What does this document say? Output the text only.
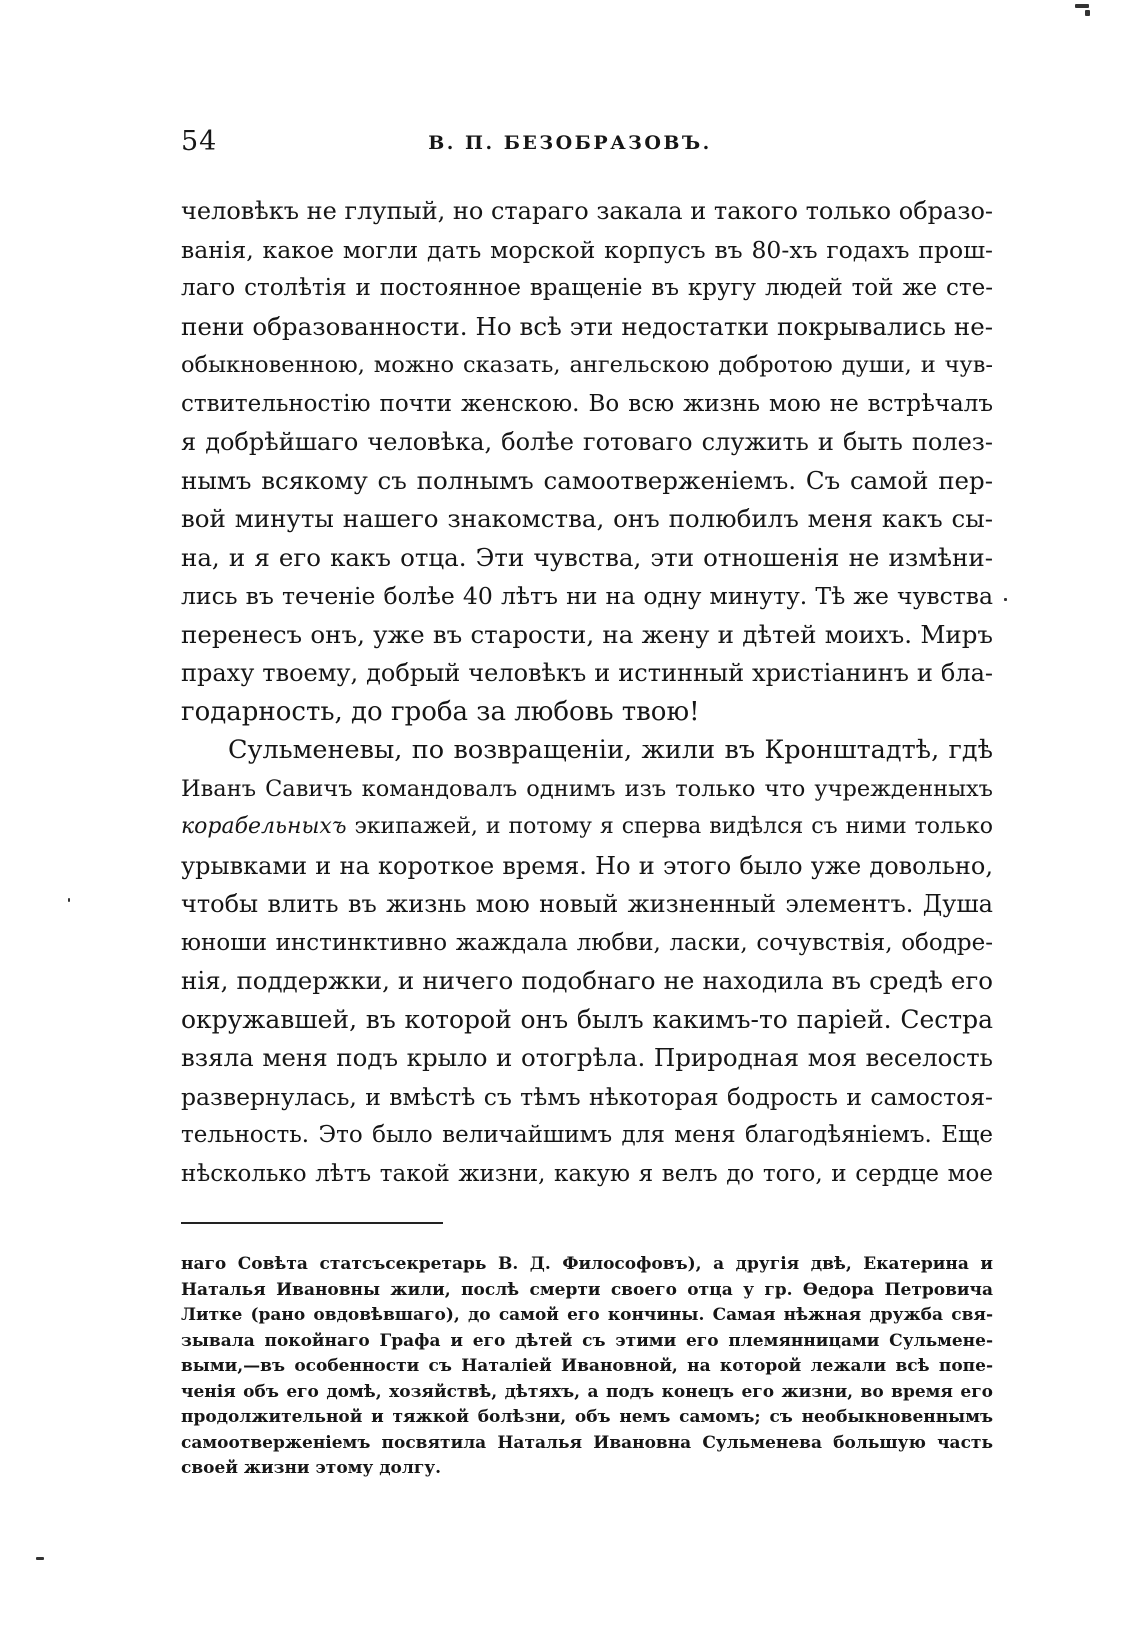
54	В. П. БЕЗОБРАЗОВЪ.
человѣкъ не глупый, но стараго закала и такого только образо-
ванія, какое могли дать морской корпусъ въ 80-хъ годахъ прош-
лаго столѣтія и постоянное вращеніе въ кругу людей той же сте-
пени образованности. Но всѣ эти недостатки покрывались не-
обыкновенною, можно сказать, ангельскою добротою души, и чув-
ствительностію почти женскою. Во всю жизнь мою не встрѣчалъ
я добрѣйшаго человѣка, болѣе готоваго служить и быть полез-
нымъ всякому съ полнымъ самоотверженіемъ. Съ самой пер-
вой минуты нашего знакомства, онъ полюбилъ меня какъ сы-
на, и я его какъ отца. Эти чувства, эти отношенія не измѣни-
лись въ теченіе болѣе 40 лѣтъ ни на одну минуту. Тѣ же чувства
перенесъ онъ, уже въ старости, на жену и дѣтей моихъ. Миръ
праху твоему, добрый человѣкъ и истинный христіанинъ и бла-
годарность, до гроба за любовь твою!
Сульменевы, по возвращеніи, жили въ Кронштадтѣ, гдѣ
Иванъ Савичъ командовалъ однимъ изъ только что учрежденныхъ
корабельныхъ экипажей, и потому я сперва видѣлся съ ними только
урывками и на короткое время. Но и этого было уже довольно,
чтобы влить въ жизнь мою новый жизненный элементъ. Душа
юноши инстинктивно жаждала любви, ласки, сочувствія, ободре-
нія, поддержки, и ничего подобнаго не находила въ средѣ его
окружавшей, въ которой онъ былъ какимъ-то паріей. Сестра
взяла меня подъ крыло и отогрѣла. Природная моя веселость
развернулась, и вмѣстѣ съ тѣмъ нѣкоторая бодрость и самостоя-
тельность. Это было величайшимъ для меня благодѣяніемъ. Еще
нѣсколько лѣтъ такой жизни, какую я велъ до того, и сердце мое
наго Совѣта статсъсекретарь В. Д. Философовъ), а другія двѣ, Екатерина и
Наталья Ивановны жили, послѣ смерти своего отца у гр. Ѳедора Петровича
Литке (рано овдовѣвшаго), до самой его кончины. Самая нѣжная дружба свя-
зывала покойнаго Графа и его дѣтей съ этими его племянницами Сульмене-
выми,—въ особенности съ Наталіей Ивановной, на которой лежали всѣ попе-
ченія объ его домѣ, хозяйствѣ, дѣтяхъ, а подъ конецъ его жизни, во время его
продолжительной и тяжкой болѣзни, объ немъ самомъ; съ необыкновеннымъ
самоотверженіемъ посвятила Наталья Ивановна Сульменева большую часть
своей жизни этому долгу.
